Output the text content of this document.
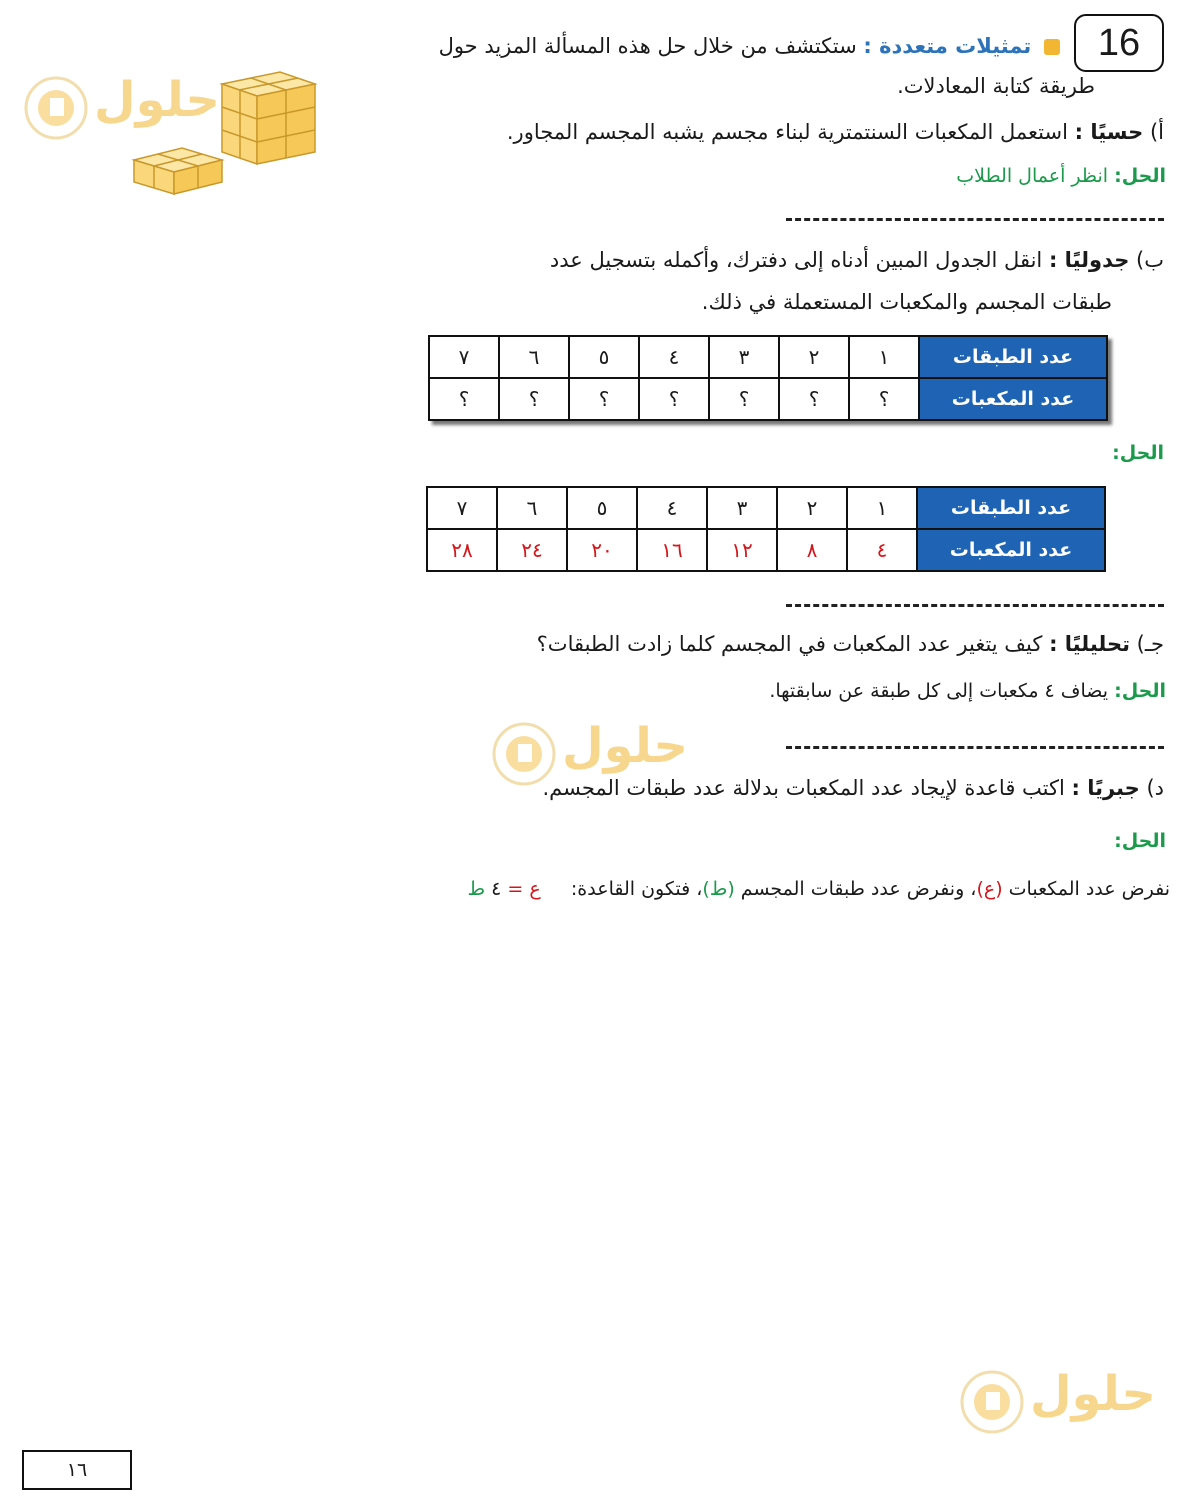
16
تمثيلات متعددة : ستكتشف من خلال حل هذه المسألة المزيد حول
طريقة كتابة المعادلات.
حلول
أ) حسيًا : استعمل المكعبات السنتمترية لبناء مجسم يشبه المجسم المجاور.
الحل: انظر أعمال الطلاب
ب) جدوليًا : انقل الجدول المبين أدناه إلى دفترك، وأكمله بتسجيل عدد
طبقات المجسم والمكعبات المستعملة في ذلك.
عدد الطبقات	١	٢	٣	٤	٥	٦	٧
عدد المكعبات	؟	؟	؟	؟	؟	؟	؟
الحل:
عدد الطبقات	١	٢	٣	٤	٥	٦	٧
عدد المكعبات	٤	٨	١٢	١٦	٢٠	٢٤	٢٨
جـ) تحليليًا : كيف يتغير عدد المكعبات في المجسم كلما زادت الطبقات؟
الحل: يضاف ٤ مكعبات إلى كل طبقة عن سابقتها.
حلول
د) جبريًا : اكتب قاعدة لإيجاد عدد المكعبات بدلالة عدد طبقات المجسم.
الحل:
نفرض عدد المكعبات (ع)، ونفرض عدد طبقات المجسم (ط)، فتكون القاعدة:     ع = ٤ ط
حلول
١٦
